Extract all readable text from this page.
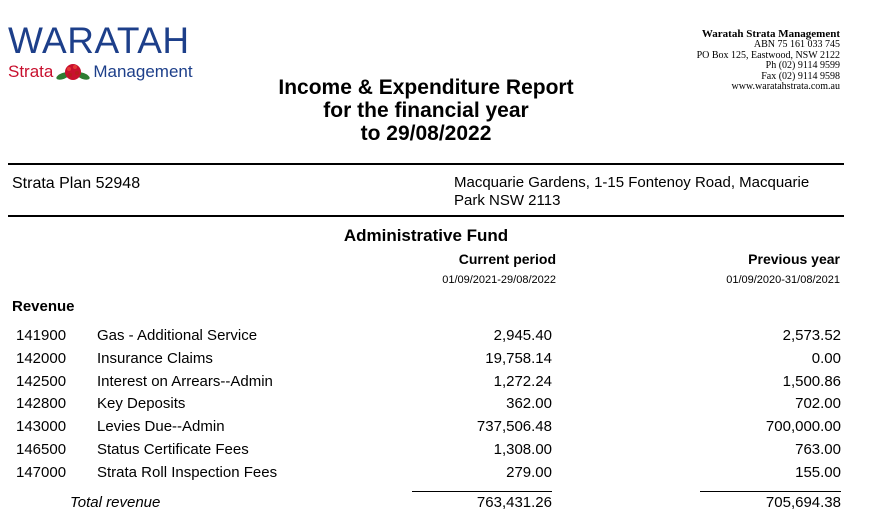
WARATAH
Strata Management
Waratah Strata Management
ABN 75 161 033 745
PO Box 125, Eastwood, NSW 2122
Ph (02) 9114 9599
Fax (02) 9114 9598
www.waratahstrata.com.au
Income & Expenditure Report
for the financial year
to 29/08/2022
Strata Plan 52948	Macquarie Gardens, 1-15 Fontenoy Road, Macquarie Park NSW 2113
Administrative Fund
Current period	Previous year
01/09/2021-29/08/2022	01/09/2020-31/08/2021
Revenue
141900 Gas - Additional Service	2,945.40	2,573.52
142000 Insurance Claims	19,758.14	0.00
142500 Interest on Arrears--Admin	1,272.24	1,500.86
142800 Key Deposits	362.00	702.00
143000 Levies Due--Admin	737,506.48	700,000.00
146500 Status Certificate Fees	1,308.00	763.00
147000 Strata Roll Inspection Fees	279.00	155.00
Total revenue	763,431.26	705,694.38
